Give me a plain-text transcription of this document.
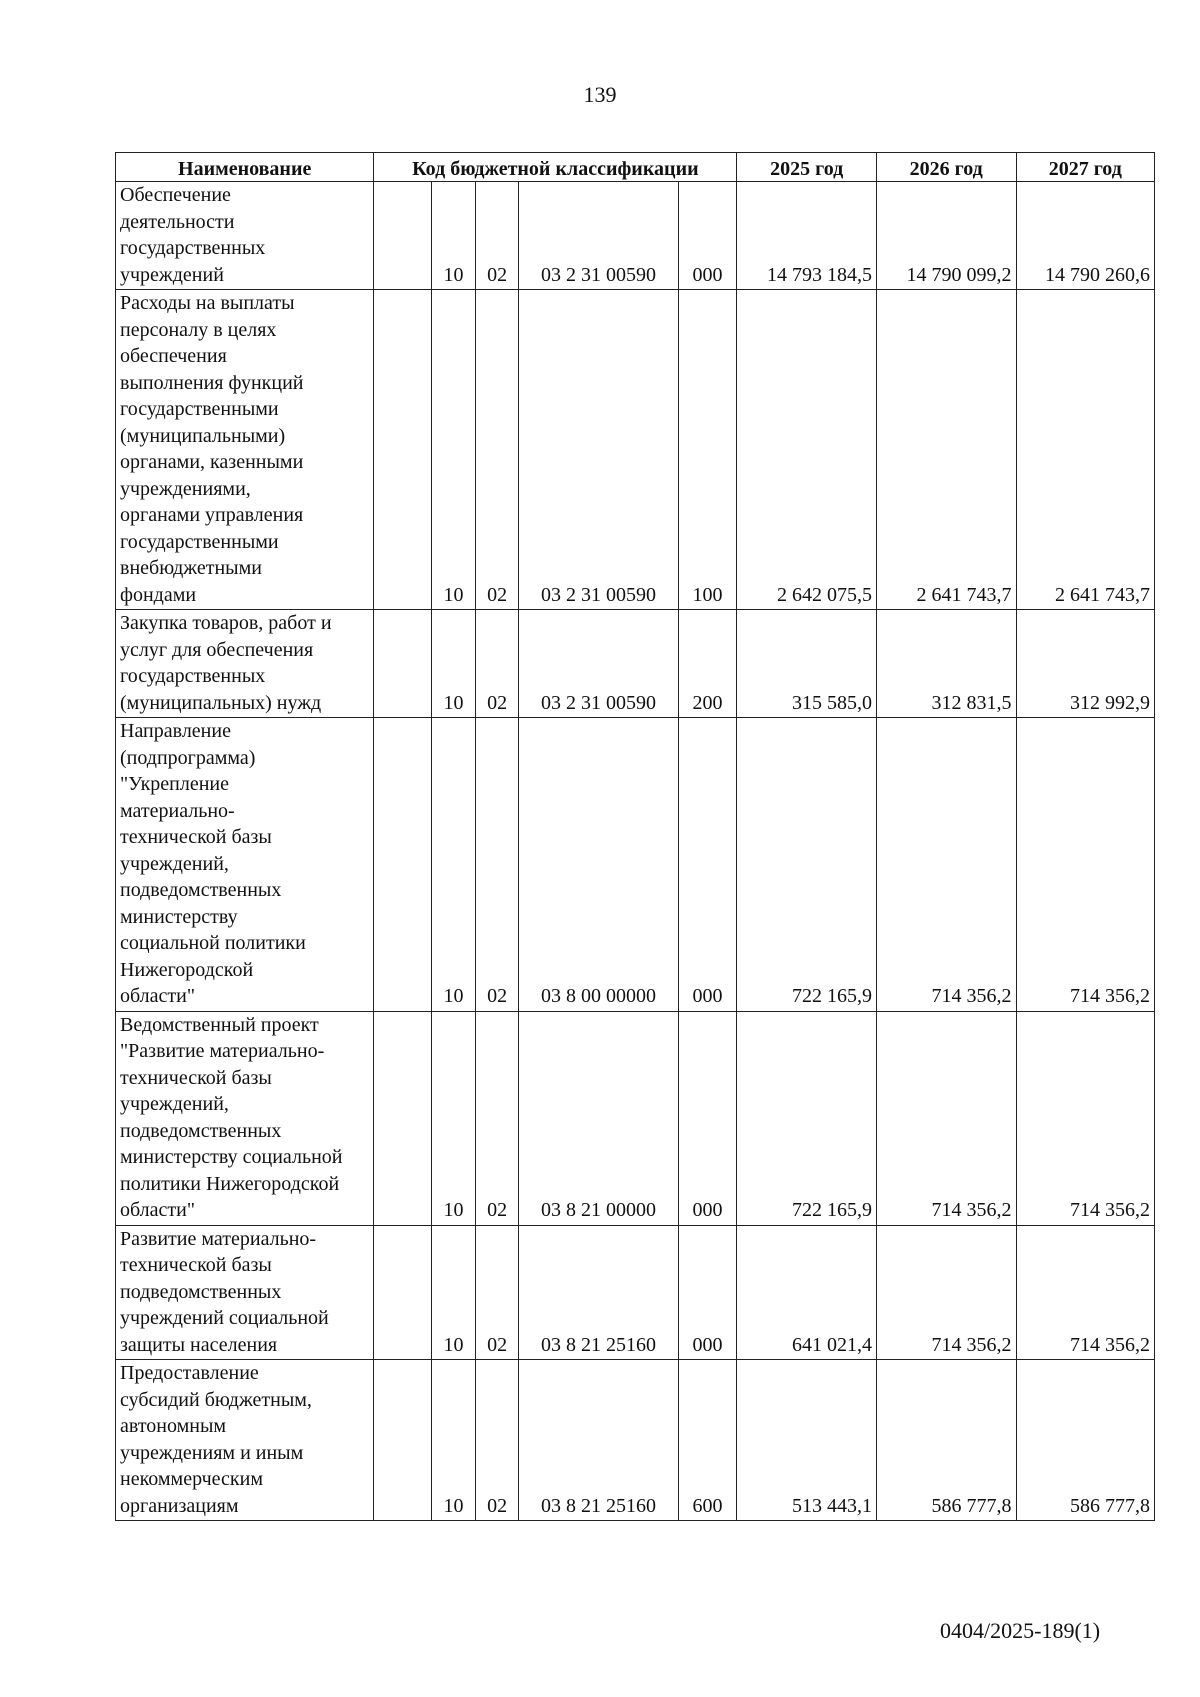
139
Наименование	Код бюджетной классификации					2025 год	2026 год	2027 год

Обеспечение деятельности государственных учреждений		10	02	03 2 31 00590	000	14 793 184,5	14 790 099,2	14 790 260,6

Расходы на выплаты персоналу в целях обеспечения выполнения функций государственными (муниципальными) органами, казенными учреждениями, органами управления государственными внебюджетными фондами		10	02	03 2 31 00590	100	2 642 075,5	2 641 743,7	2 641 743,7

Закупка товаров, работ и услуг для обеспечения государственных (муниципальных) нужд		10	02	03 2 31 00590	200	315 585,0	312 831,5	312 992,9

Направление (подпрограмма) "Укрепление материально-технической базы учреждений, подведомственных министерству социальной политики Нижегородской области"		10	02	03 8 00 00000	000	722 165,9	714 356,2	714 356,2

Ведомственный проект "Развитие материально-технической базы учреждений, подведомственных министерству социальной политики Нижегородской области"		10	02	03 8 21 00000	000	722 165,9	714 356,2	714 356,2

Развитие материально-технической базы подведомственных учреждений социальной защиты населения		10	02	03 8 21 25160	000	641 021,4	714 356,2	714 356,2

Предоставление субсидий бюджетным, автономным учреждениям и иным некоммерческим организациям		10	02	03 8 21 25160	600	513 443,1	586 777,8	586 777,8
0404/2025-189(1)
